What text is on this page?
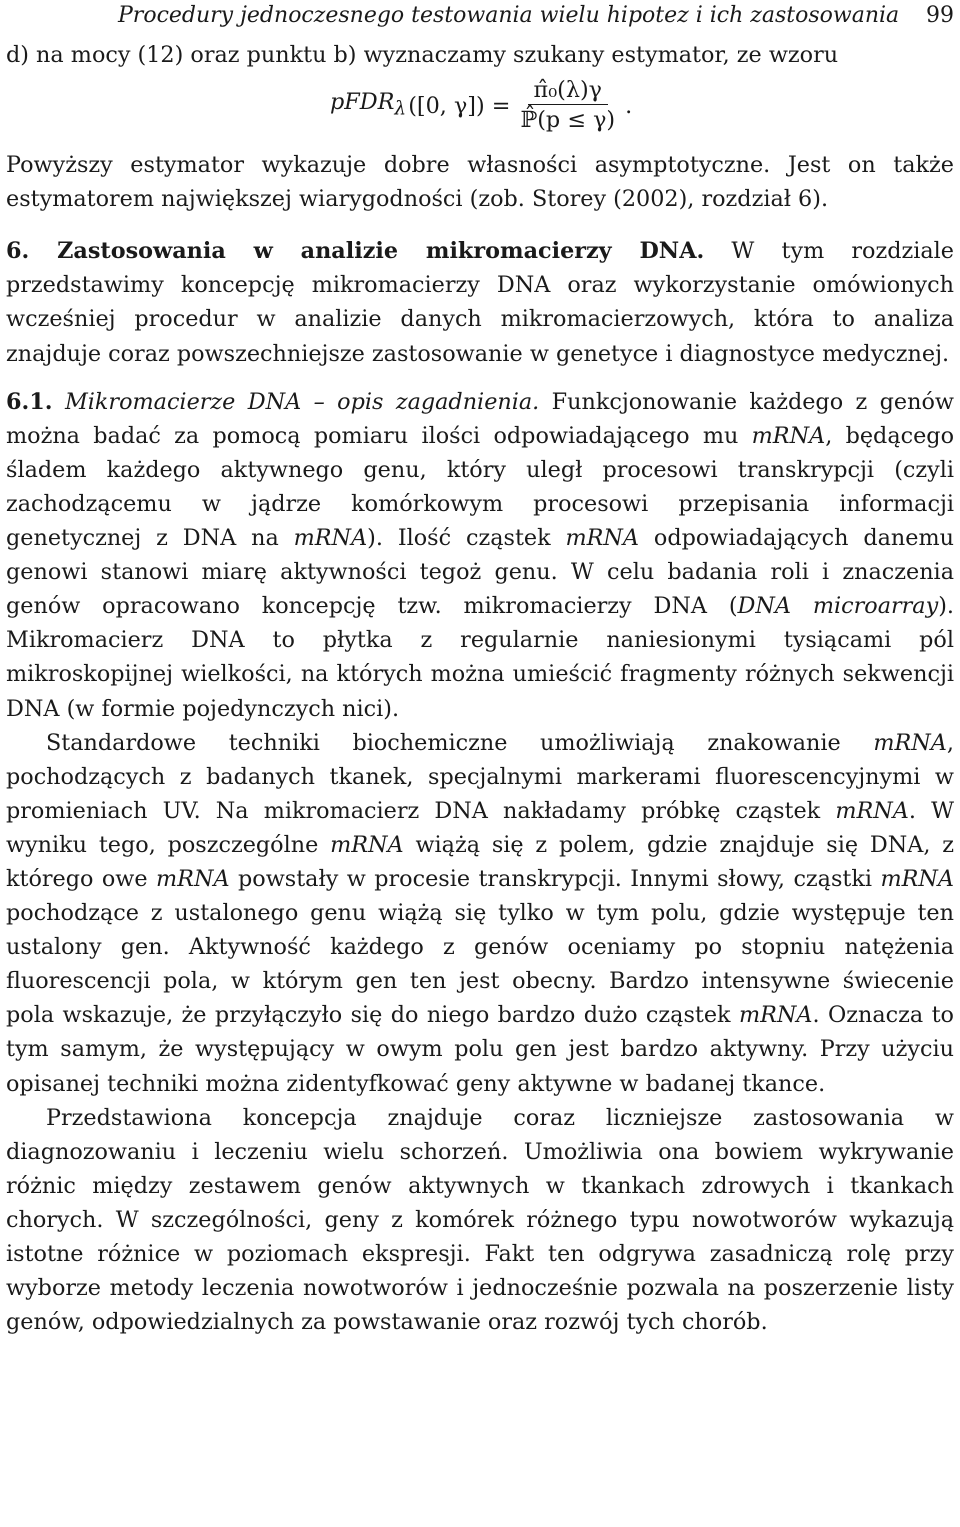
Procedury jednoczesnego testowania wielu hipotez i ich zastosowania 99

d) na mocy (12) oraz punktu b) wyznaczamy szukany estymator, ze wzoru

pFDR$_\lambda$ ([0, $\gamma]) = \frac{\text{π̂₀(λ)γ}}{\text{ℙ̂(p ≤ γ)}}$ .

Powyższy estymator wykazuje dobre własności asymptotyczne. Jest on także estymatorem największej wiarygodności (zob. Storey (2002), rozdział 6).

6. Zastosowania w analizie mikromacierzy DNA. W tym rozdziale przedstawimy koncepcję mikromacierzy DNA oraz wykorzystanie omówionych wcześniej procedur w analizie danych mikromacierzowych, która to analiza znajduje coraz powszechniejsze zastosowanie w genetyce i diagnostyce medycznej.

6.1. Mikromacierze DNA – opis zagadnienia. Funkcjonowanie każdego z genów można badać za pomocą pomiaru ilości odpowiadającego mu mRNA, będącego śladem każdego aktywnego genu, który uległ procesowi transkrypcji (czyli zachodzącemu w jądrze komórkowym procesowi przepisania informacji genetycznej z DNA na mRNA). Ilość cząstek mRNA odpowiadających danemu genowi stanowi miarę aktywności tegoż genu. W celu badania roli i znaczenia genów opracowano koncepcję tzw. mikromacierzy DNA (DNA microarray). Mikromacierz DNA to płytka z regularnie naniesionymi tysiącami pól mikroskopijnej wielkości, na których można umieścić fragmenty różnych sekwencji DNA (w formie pojedynczych nici).

Standardowe techniki biochemiczne umożliwiają znakowanie mRNA, pochodzących z badanych tkanek, specjalnymi markerami fluorescencyjnymi w promieniach UV. Na mikromacierz DNA nakładamy próbkę cząstek mRNA. W wyniku tego, poszczególne mRNA wiążą się z polem, gdzie znajduje się DNA, z którego owe mRNA powstały w procesie transkrypcji. Innymi słowy, cząstki mRNA pochodzące z ustalonego genu wiążą się tylko w tym polu, gdzie występuje ten ustalony gen. Aktywność każdego z genów oceniamy po stopniu natężenia fluorescencji pola, w którym gen ten jest obecny. Bardzo intensywne świecenie pola wskazuje, że przyłączyło się do niego bardzo dużo cząstek mRNA. Oznacza to tym samym, że występujący w owym polu gen jest bardzo aktywny. Przy użyciu opisanej techniki można zidentyfkować geny aktywne w badanej tkance.

Przedstawiona koncepcja znajduje coraz liczniejsze zastosowania w diagnozowaniu i leczeniu wielu schorzeń. Umożliwia ona bowiem wykrywanie różnic między zestawem genów aktywnych w tkankach zdrowych i tkankach chorych. W szczególności, geny z komórek różnego typu nowotworów wykazują istotne różnice w poziomach ekspresji. Fakt ten odgrywa zasadniczą rolę przy wyborze metody leczenia nowotworów i jednocześnie pozwala na poszerzenie listy genów, odpowiedzialnych za powstawanie oraz rozwój tych chorób.
